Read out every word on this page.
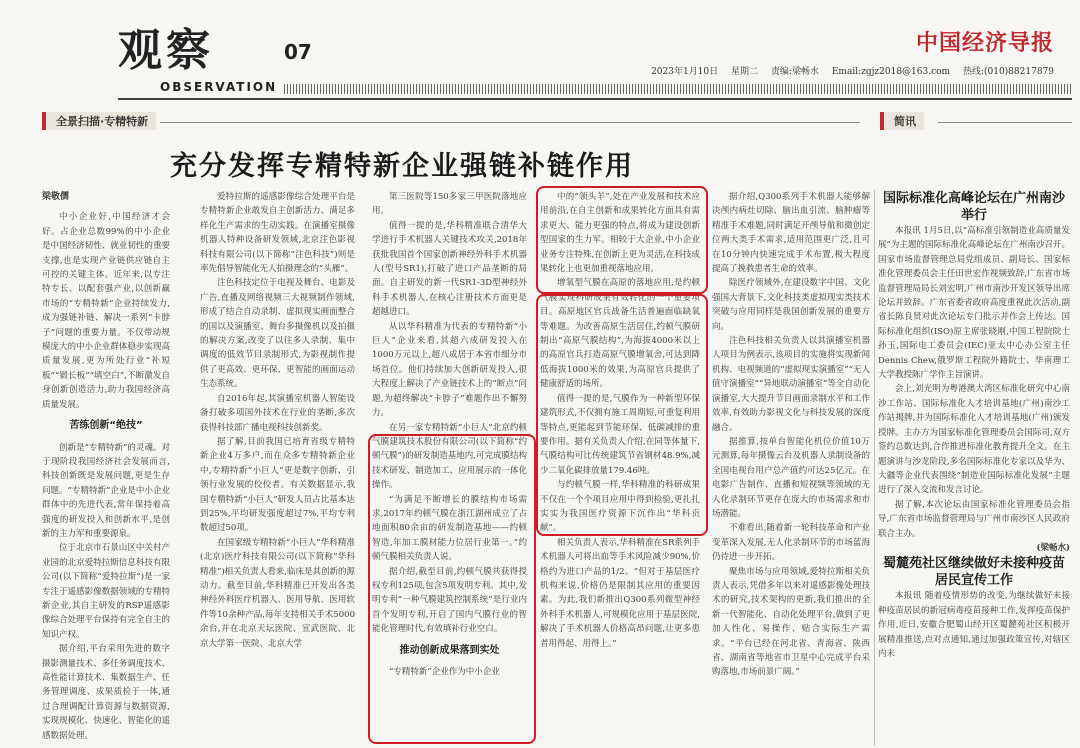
观察	07
OBSERVATION
中国经济导报
2023年1月10日 星期二 责编:梁畅水 Email:zgjz2018@163.com 热线:(010)88217879
全景扫描·专精特新	简讯
充分发挥专精特新企业强链补链作用

梁敬儒

中小企业好,中国经济才会好。占企业总数99%的中小企业是中国经济韧性、就业韧性的重要支撑,也是实现产业链供应链自主可控的关键主体。近年来,以专注特专长、以配套强产业,以创新赢市场的“专精特新”企业持续发力,成为强链补链、解决一系列“卡脖子”问题的重要力量。不仅带动规模庞大的中小企业群体稳步实现高质量发展,更为所处行业“补短板”“锻长板”“填空白”,不断激发自身创新创造活力,助力我国经济高质量发展。

苦练创新“绝技”

创新是“专精特新”的灵魂。对于现阶段我国经济社会发展而言,科技创新既是发展问题,更是生存问题。“专精特新”企业是中小企业群体中的先进代表,常年保持着高强度的研发投入和创新水平,是创新的主力军和重要源泉。

位于北京市石景山区中关村产业园的北京爱特拉斯信息科技有限公司(以下简称“爱特拉斯”)是一家专注于遥感影像数据领域的专精特新企业,其自主研发的RSP遥感影像综合处理平台保持有完全自主的知识产权。

据介绍,平台采用先进的数字摄影测量技术、多任务调度技术、高性能计算技术、集数据生产、任务管理调度、成果质检于一体,通过合理调配计算资源与数据资源,实现规模化、快速化、智能化的遥感数据处理。

爱特拉斯的遥感影像综合处理平台是专精特新企业敢发自主创新活力、满足多样化生产需求的生动实践。在演播室摄像机器人特种设备研发领域,北京注色影视科技有限公司(以下简称“注色科技”)则是率先倡导智能化无人拍摄理念的“头雁”。

注色科技定位于电视及舞台、电影及广告,直播及网络视频三大视频制作领域,形成了结合自动录制、虚拟现实画面整合的国以及演播室、舞台多摄像机以及拍摄的解决方案,改变了以往多人录制、集中调度的低效节目录制形式,为影视制作提供了更高效、更环保、更智能的画面运动生态系统。

自2016年起,其演播室机器人智能设备打破多项国外技术在行业的垄断,多次获得科技部广播电视科技创新奖。

据了解,目前我国已培育省级专精特新企业4万多户,而在众多专精特新企业中,专精特新“小巨人”更是数字创新、引领行业发展的佼佼者。有关数据显示,我国专精特新“小巨人”研发人员占比基本达到25%,平均研发强度超过7%,平均专利数超过50项。

在国家级专精特新“小巨人”华科精准(北京)医疗科技有限公司(以下简称“华科精准”)相关负责人看来,临床是其创新的源动力。截至目前,华科精准已开发出各类神经外科医疗机器人、医用导航、医用软件等10余种产品,每年支持相关手术5000余台,并在北京天坛医院、宣武医院、北京大学第一医院、北京大学

第三医院等150多家三甲医院落地应用。

值得一提的是,华科精准联合清华大学进行手术机器人关键技术攻关,2018年获批我国首个国家创新神经外科手术机器人(型号SR1),打破了进口产品垄断的局面。自主研发的新一代SR1-3D型神经外科手术机器人,在核心注册技术方面更是超越进口。

从以华科精准为代表的专精特新“小巨人”企业来看,其超六成研发投入在1000万元以上,超八成居于本省市细分市场首位。他们持续加大创新研发投入,很大程度上解决了产业链技术上的“断点”问题,为超终解决“卡脖子”难题作出不懈努力。

在另一家专精特新“小巨人”北京约顿气膜建筑技术股份有限公司(以下简称“约顿气膜”)的研发制造基地内,可完成膜结构技术研发、制造加工、应用展示的一体化操作。

“为满足不断增长的膜结构市场需求,2017年约顿气膜在浙江湖州成立了占地面积80余亩的研发制造基地——约顿智造,年加工膜材能力位居行业第一。”约顿气膜相关负责人说。

据介绍,截至目前,约顿气膜共获得授权专利125项,包含5项发明专利。其中,发明专利“一种气膜建筑控制系统”是行业内首个发明专利,开启了国内气膜行业的智能化管理时代,有效填补行业空白。

推动创新成果落到实处

“专精特新”企业作为中小企业

中的“领头羊”,处在产业发展和技术应用前沿,在自主创新和成果转化方面具有需求更大、能力更强的特点,将成为建设创新型国家的生力军。相较于大企业,中小企业业务专注特殊,在创新上更为灵活,在科技成果转化上也更加重视落地应用。

增氧型气膜在高原的落地应用,是约顿气膜实现科研成果有效转化的一个重要项目。高原地区官兵战备生活普遍面临缺氧等难题。为改善高原生活居住,约顿气膜研制出“高原气膜结构”,为海拔4000米以上的高原官兵打造高原气膜增氧舍,可达到降低海拔1000米的效果,为高原官兵提供了健康舒适的场所。

值得一提的是,气膜作为一种新型环保建筑形式,不仅拥有施工周期短,可重复利用等特点,更能起到节能环保、低碳减排的重要作用。据有关负责人介绍,在同等体量下,气膜结构可比传统建筑节省钢材48.9%,减少二氧化碳排放量179.46吨。

与约顿气膜一样,华科精准的科研成果不仅在一个个项目应用中得到检验,更扎扎实实为我国医疗资源下沉作出“华科贡献”。

相关负责人表示,华科精准在SR系列手术机器人可将出血等手术风险减少90%,价格约为进口产品的1/2。“但对于基层医疗机构来说,价格仍是限制其应用的重要因素。为此,我们新推出Q300系列微型神经外科手术机器人,可规模化应用于基层医院,解决了手术机器人价格高昂问题,让更多患者用得起、用得上。”

据介绍,Q300系列手术机器人能够解决颅内病灶切除、脑出血引流、脑肿瘤等精准手术难题,同时满足开颅导航和微创定位两大类手术需求,适用范围更广泛,且可在10分钟内快速完成手术布置,极大程度提高了挽救患者生命的效率。

除医疗领域外,在建设数字中国、文化强国大背景下,文化科技类虚拟现实类技术突破与应用同样是我国创新发展的重要方向。

注色科技相关负责人以其演播室机器人项目为例表示,该项目的实施将实现新闻机构、电视频道的“虚拟现实演播室”“无人值守演播室”“异地联动演播室”等全自动化演播室,大大提升节目画面录制水平和工作效率,有效助力影视文化与科技发展的深度融合。

据推算,按单台智能化机位价值10万元测算,每年摄像云台及机器人录制设备的全国电视台用户总产值约可达25亿元。在电影广告制作、直播和短视频等领域的无人化录制环节更存在庞大的市场需求和市场潜能。

不难看出,随着新一轮科技革命和产业变革深入发展,无人化录制环节的市场蓝海仍待进一步开拓。

聚焦市场与应用领域,爱特拉斯相关负责人表示,凭借多年以来对遥感影像处理技术的研究,技术架构的更新,我们推出的全新一代智能化、自动化处理平台,做到了更加人性化、易操作、贴合实际生产需求。“平台已经在河北省、青海省、陕西省、湖南省等地省市卫星中心完成平台采购落地,市场前景广阔。”

国际标准化高峰论坛在广州南沙举行

本报讯 1月5日,以“高标准引领制造业高质量发展”为主题的国际标准化高峰论坛在广州南沙召开。国家市场监督管理总局党组成员、副局长、国家标准化管理委员会主任田世宏作视频致辞,广东省市场监督管理局局长刘宏明,广州市南沙开发区领导出席论坛并致辞。广东省委省政府高度重视此次活动,副省长陈良贤对此次论坛专门批示并作会上传达。国际标准化组织(ISO)原主席张晓刚,中国工程院院士孙玉,国际电工委员会(IEC)亚太中心办公室主任Dennis Chew,俄罗斯工程院外籍院士、华南理工大学教授陈广学作主旨演讲。

会上,刘光明为粤港澳大湾区标准化研究中心南沙工作站、国际标准化人才培训基地(广州)南沙工作站揭牌,并为国际标准化人才培训基地(广州)颁发授牌。主办方为国家标准化管理委员会国际司,双方签约总数达到,合作推进标准化教育提升全文。在主题演讲与沙龙阶段,多名国际标准化专家以及华为、大疆等企业代表围绕“制造业国际标准化发展”主题进行了深入交流和发言讨论。

据了解,本次论坛由国家标准化管理委员会指导,广东省市场监督管理局与广州市南沙区人民政府联合主办。

(梁畅水)

蜀麓苑社区继续做好未接种疫苗居民宣传工作

本报讯 随着疫情形势的改变,为继续做好未接种疫苗居民的新冠病毒疫苗接种工作,发挥疫苗保护作用,近日,安徽合肥蜀山经开区蜀麓苑社区积极开展精准推送,点对点通知,通过加强政策宣传,对辖区内未
